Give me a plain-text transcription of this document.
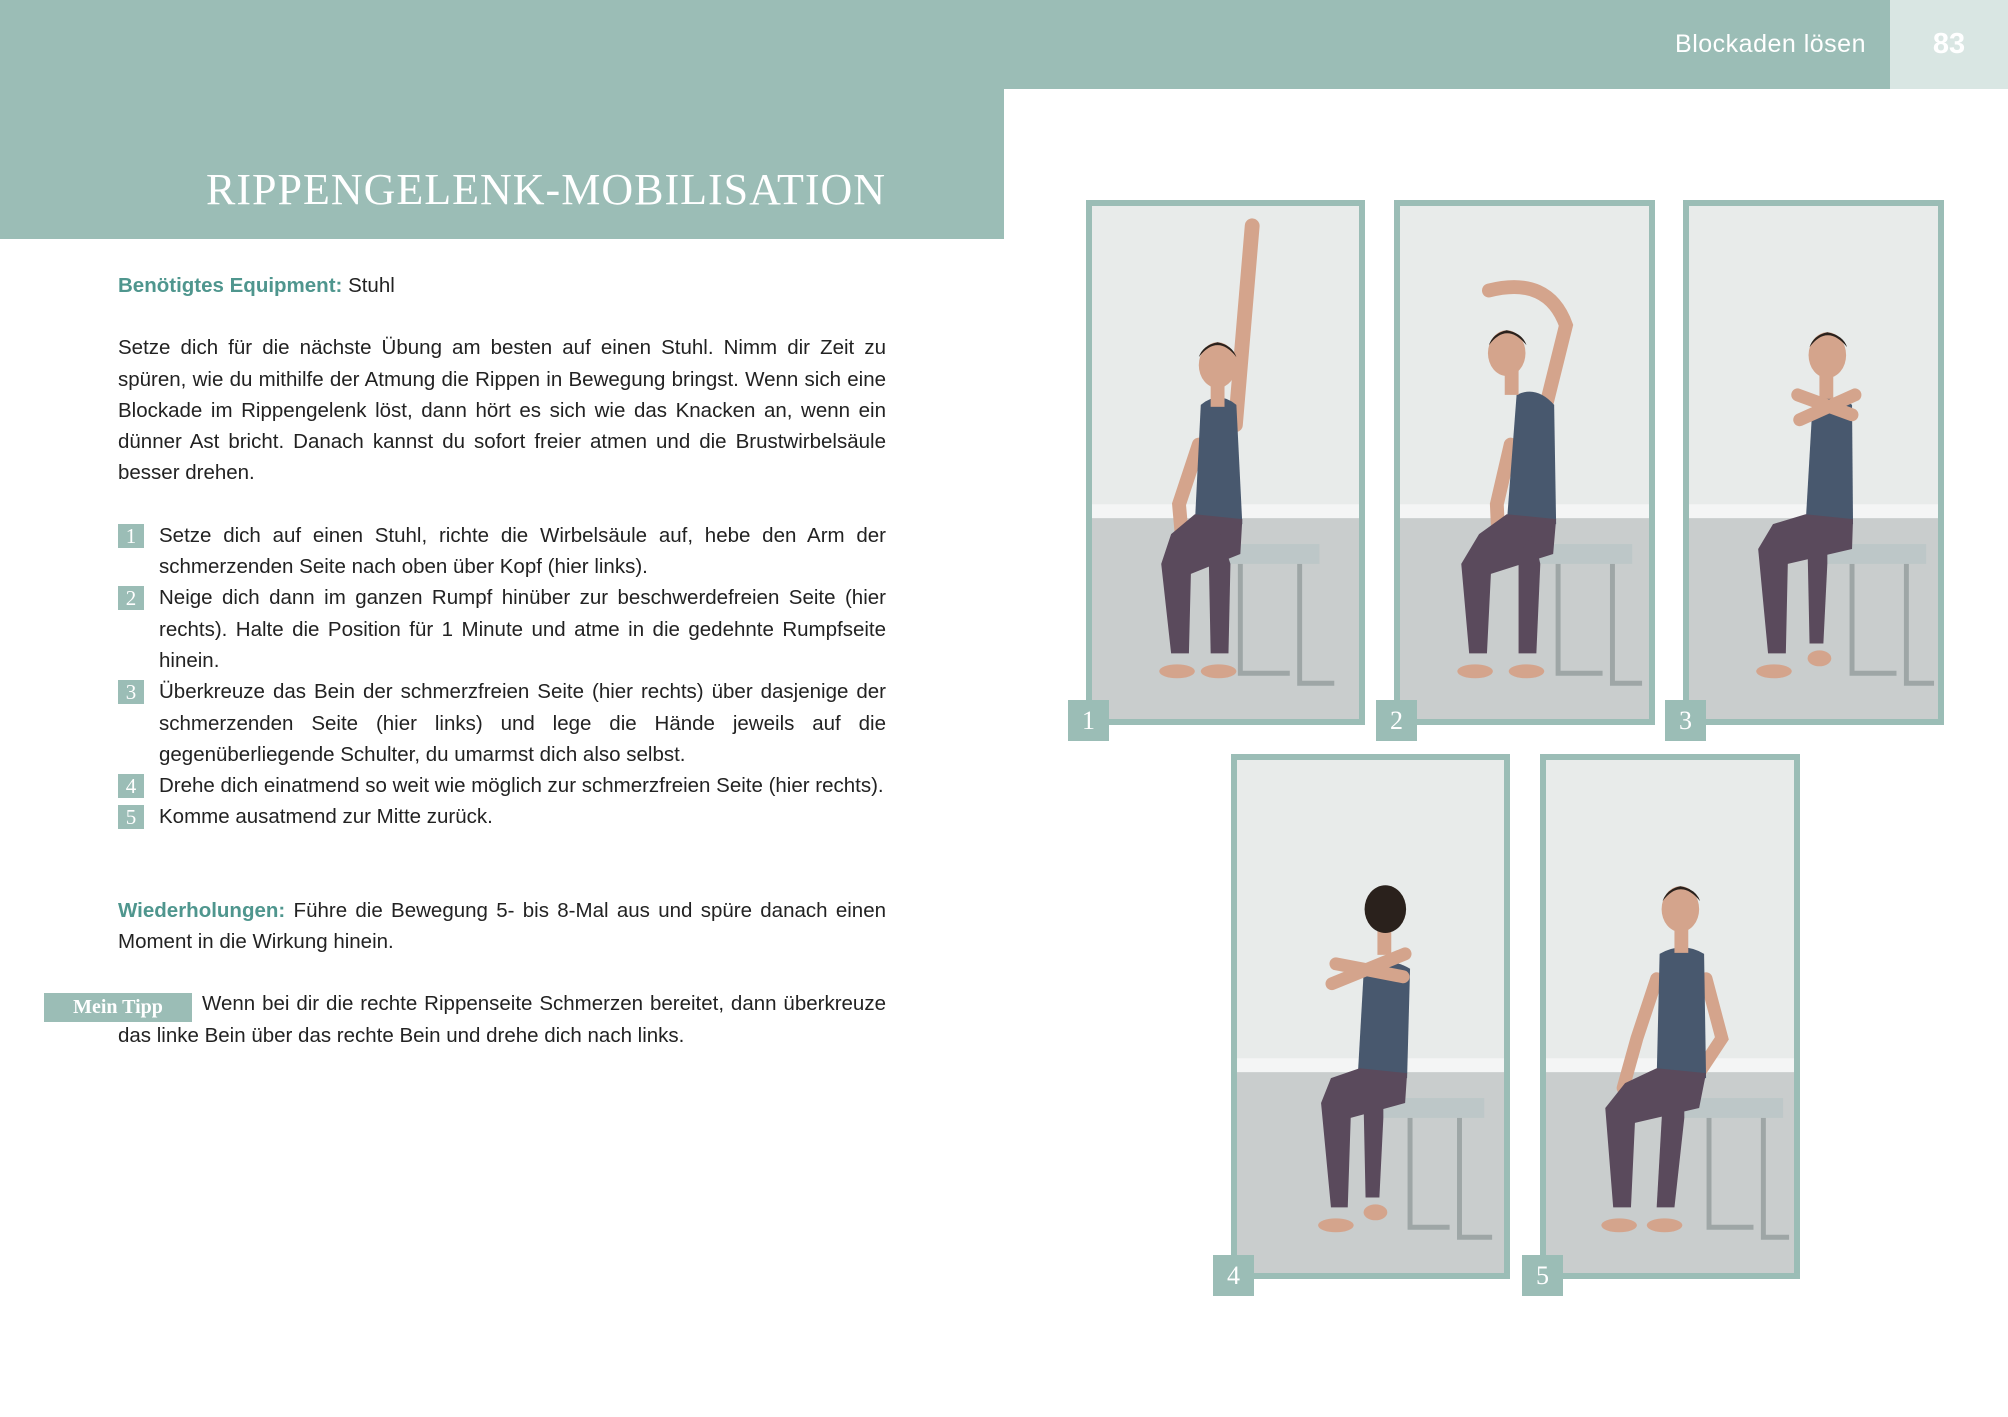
Blockaden lösen 83
RIPPENGELENK-MOBILISATION

Benötigtes Equipment: Stuhl

Setze dich für die nächste Übung am besten auf einen Stuhl. Nimm dir Zeit zu spüren, wie du mithilfe der Atmung die Rippen in Bewegung bringst. Wenn sich eine Blockade im Rippengelenk löst, dann hört es sich wie das Knacken an, wenn ein dünner Ast bricht. Danach kannst du sofort freier atmen und die Brustwirbelsäule besser drehen.

1	Setze dich auf einen Stuhl, richte die Wirbelsäule auf, hebe den Arm der schmerzenden Seite nach oben über Kopf (hier links).
2	Neige dich dann im ganzen Rumpf hinüber zur beschwerdefreien Seite (hier rechts). Halte die Position für 1 Minute und atme in die gedehnte Rumpfseite hinein.
3	Überkreuze das Bein der schmerzfreien Seite (hier rechts) über dasjenige der schmerzenden Seite (hier links) und lege die Hände jeweils auf die gegenüberliegende Schulter, du umarmst dich also selbst.
4	Drehe dich einatmend so weit wie möglich zur schmerzfreien Seite (hier rechts).
5	Komme ausatmend zur Mitte zurück.

Wiederholungen: Führe die Bewegung 5- bis 8-Mal aus und spüre danach einen Moment in die Wirkung hinein.

Wenn bei dir die rechte Rippenseite Schmerzen bereitet, dann überkreuze das linke Bein über das rechte Bein und drehe dich nach links.

Mein Tipp
1	2	3
4	5
